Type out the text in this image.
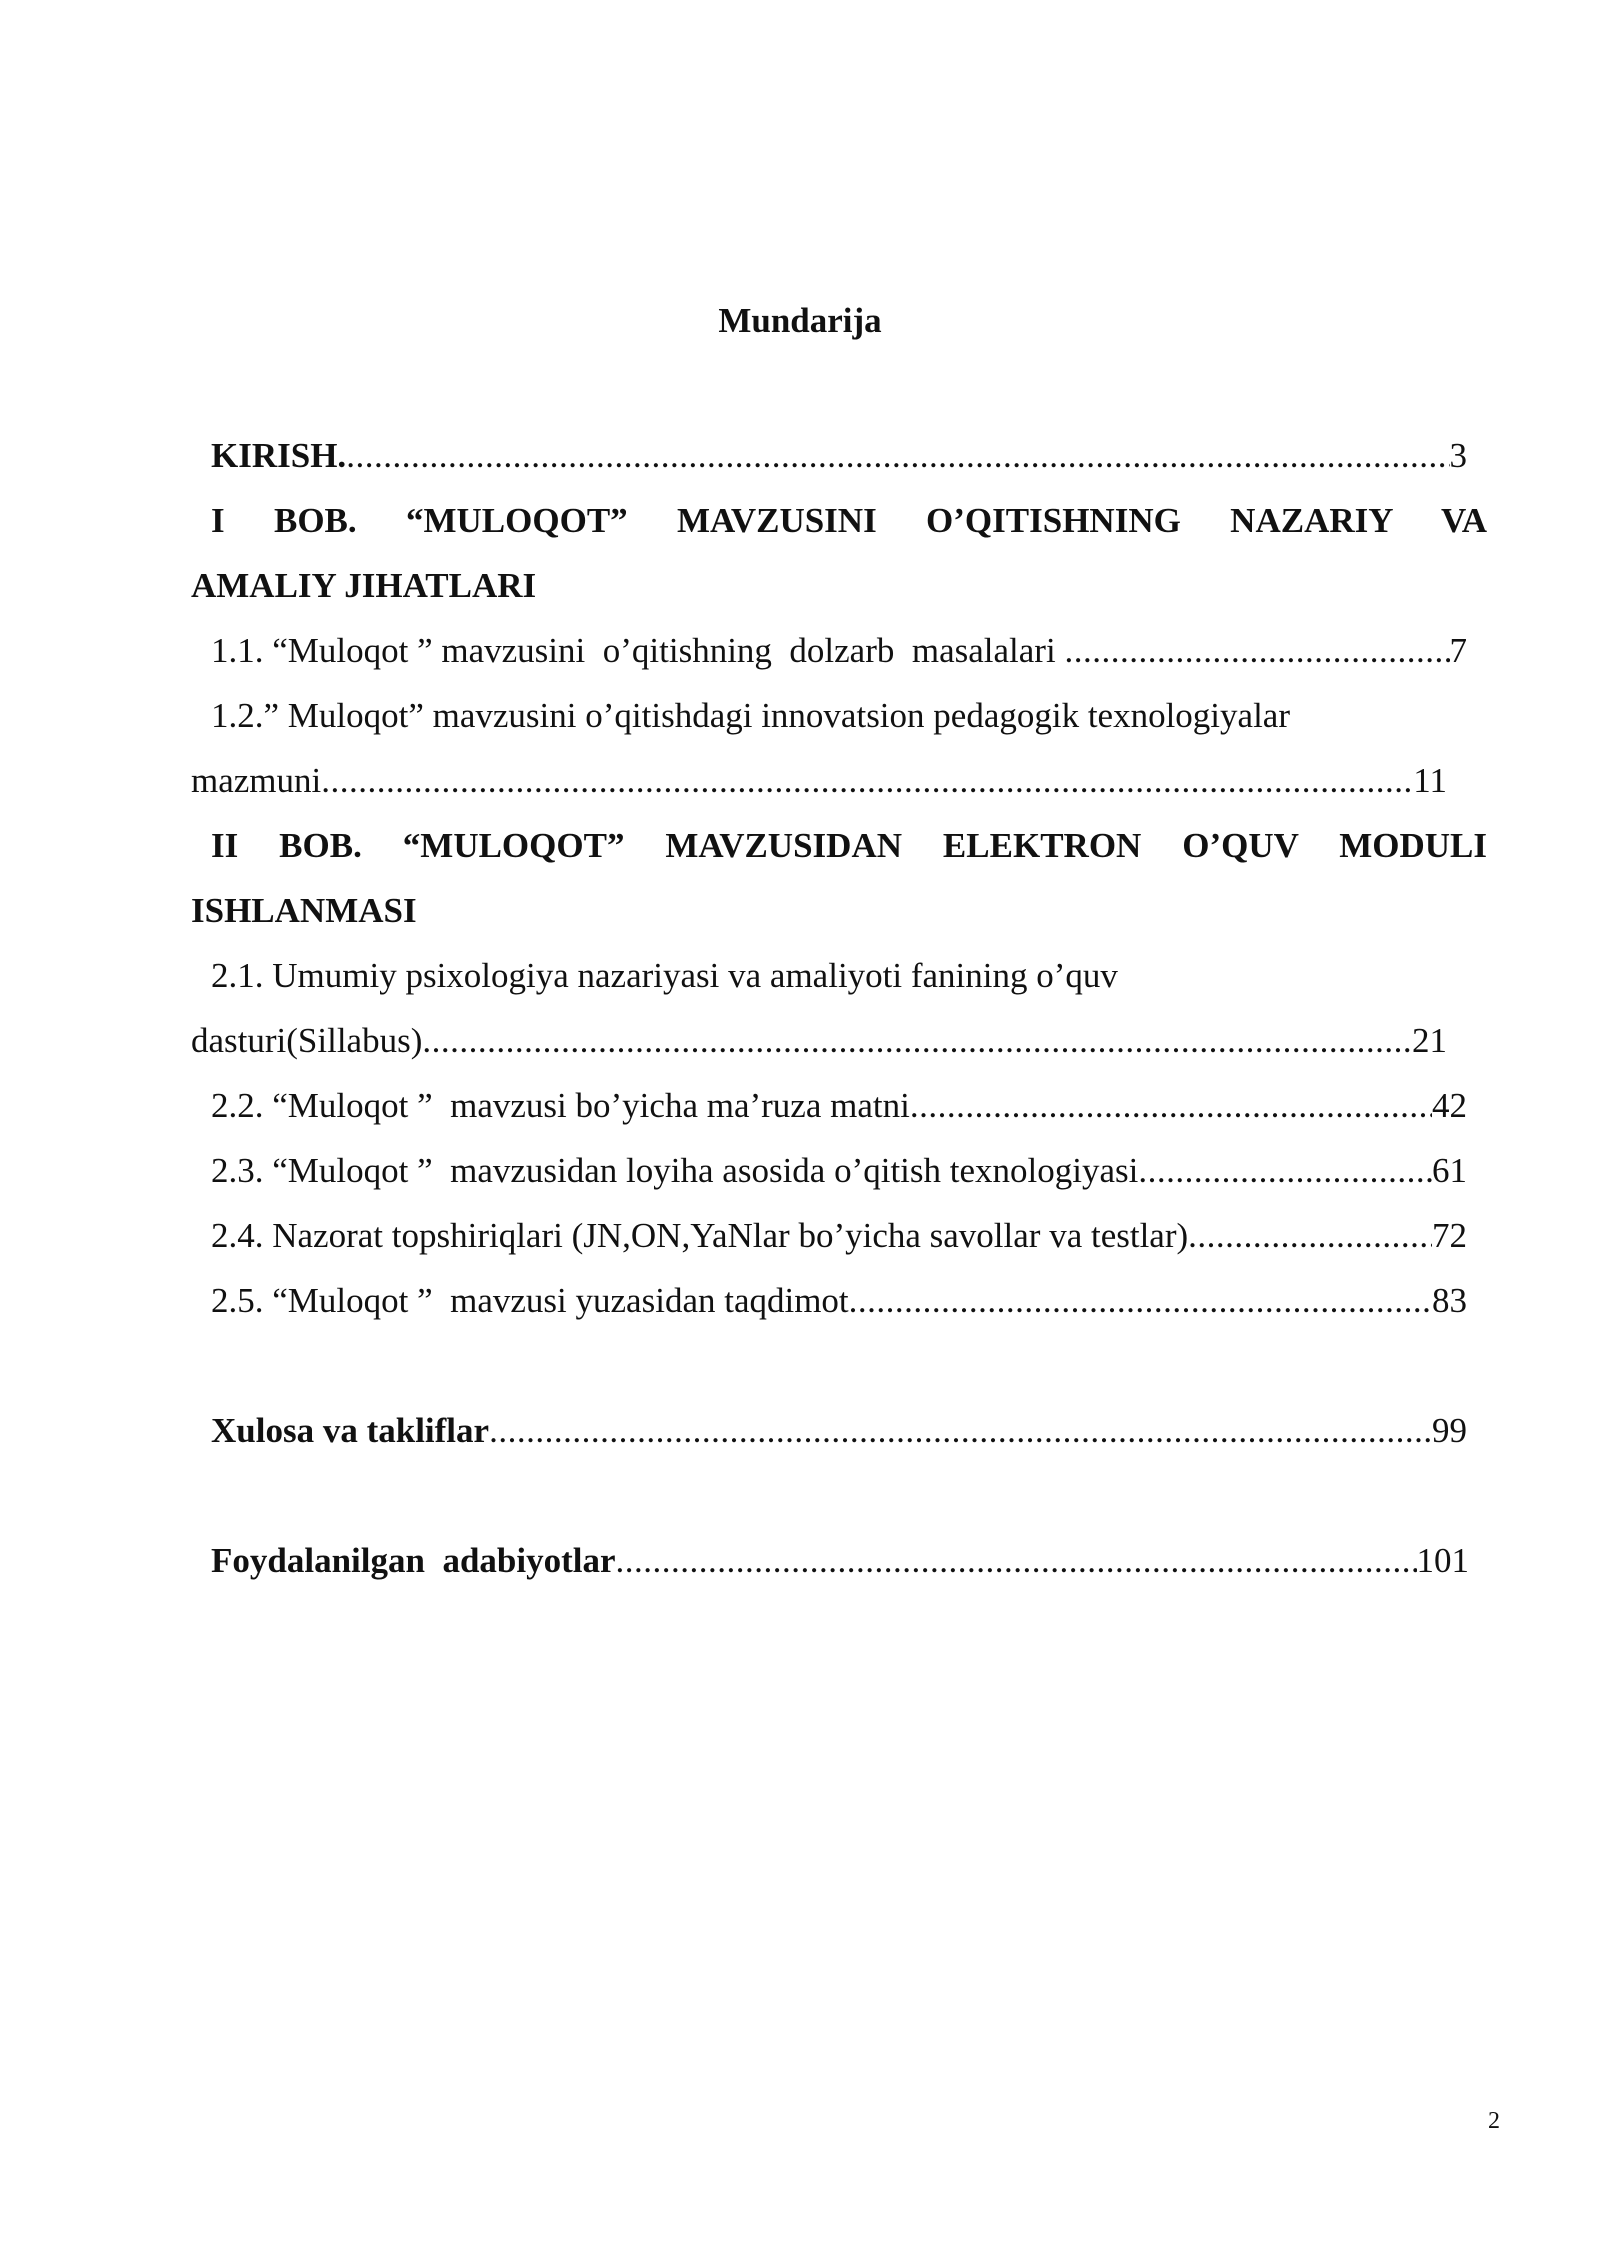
Mundarija
KIRISH. .....	3
I BOB. “MULOQOT” MAVZUSINI O’QITISHNING NAZARIY VA
AMALIY JIHATLARI
1.1. “Muloqot ” mavzusini  o’qitishning  dolzarb  masalalari .....	7
1.2.” Muloqot” mavzusini o’qitishdagi innovatsion pedagogik texnologiyalar
mazmuni .....	11
II BOB. “MULOQOT” MAVZUSIDAN ELEKTRON O’QUV MODULI
ISHLANMASI
2.1. Umumiy psixologiya nazariyasi va amaliyoti fanining o’quv
dasturi(Sillabus) .....	21
2.2. “Muloqot ”  mavzusi bo’yicha ma’ruza matni .....	42
2.3. “Muloqot ”  mavzusidan loyiha asosida o’qitish texnologiyasi .....	61
2.4. Nazorat topshiriqlari (JN,ON,YaNlar bo’yicha savollar va testlar) .....	72
2.5. “Muloqot ”  mavzusi yuzasidan taqdimot .....	83
Xulosa va takliflar .....	99
Foydalanilgan  adabiyotlar .....	101
2
